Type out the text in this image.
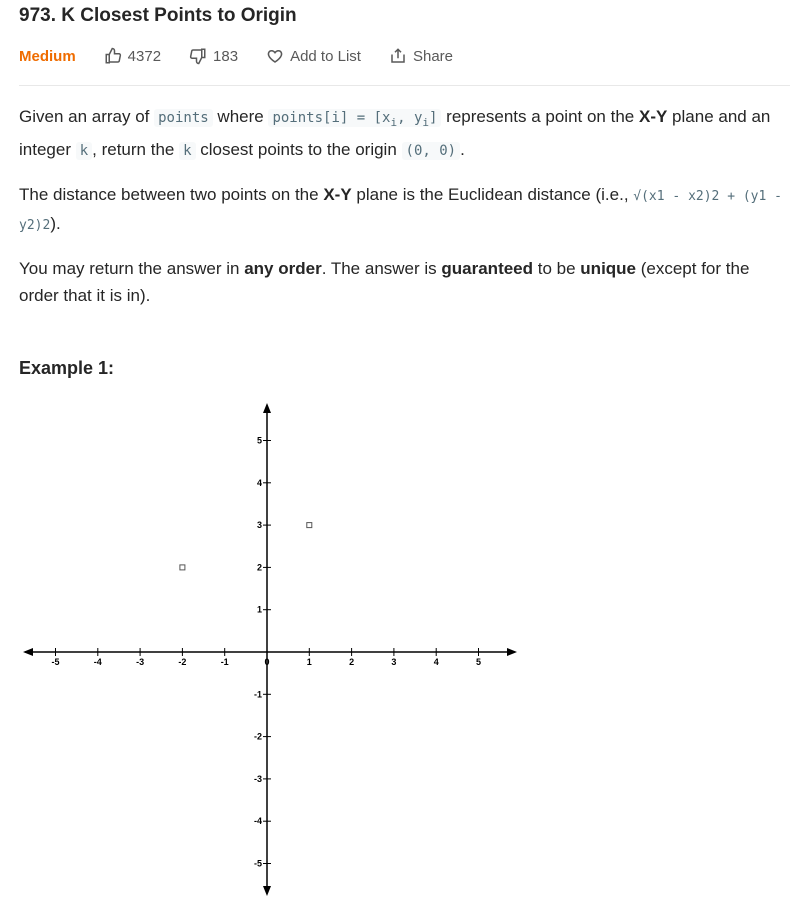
973. K Closest Points to Origin
Medium	4372	183	Add to List	Share

Given an array of points where points[i] = [$x_i$, $y_i$] represents a point on the X-Y plane and an integer k , return the k closest points to the origin (0, 0) .

The distance between two points on the X-Y plane is the Euclidean distance (i.e., √(x1 - x2)2 + (y1 - y2)2).

You may return the answer in any order. The answer is guaranteed to be unique (except for the order that it is in).

Example 1:
-5	-4	-3	-2	-1	0	1	2	3	4	5
5
4
3
2
1
-1
-2
-3
-4
-5
